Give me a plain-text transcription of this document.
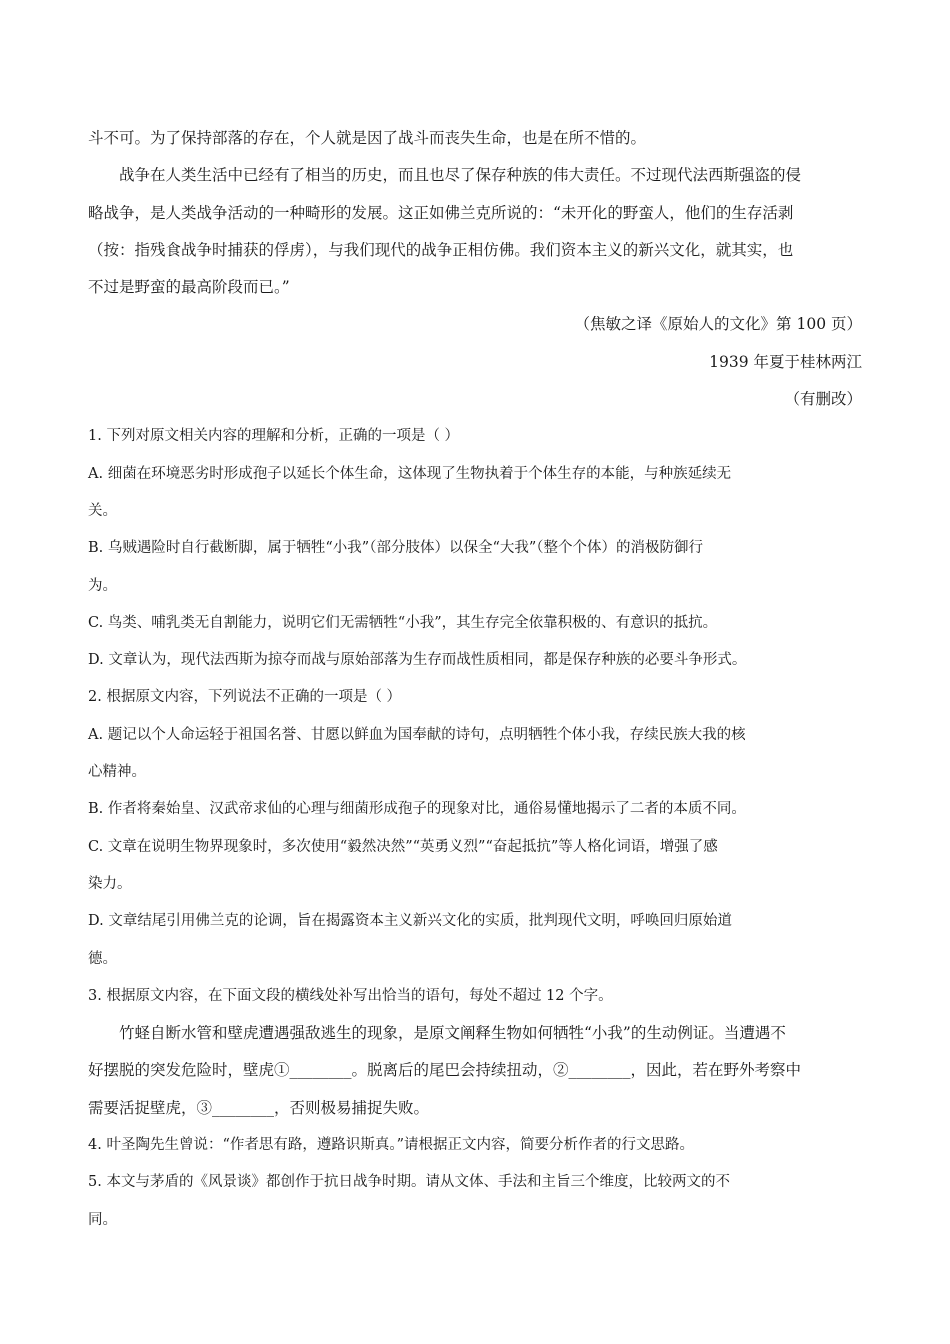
斗不可。为了保持部落的存在，个人就是因了战斗而丧失生命，也是在所不惜的。
战争在人类生活中已经有了相当的历史，而且也尽了保存种族的伟大责任。不过现代法西斯强盗的侵
略战争，是人类战争活动的一种畸形的发展。这正如佛兰克所说的：“未开化的野蛮人，他们的生存活剥
（按：指残食战争时捕获的俘虏），与我们现代的战争正相仿佛。我们资本主义的新兴文化，就其实，也
不过是野蛮的最高阶段而已。”
（焦敏之译《原始人的文化》第 100 页）
1939 年夏于桂林两江
（有删改）
1. 下列对原文相关内容的理解和分析，正确的一项是（ ）
A. 细菌在环境恶劣时形成孢子以延长个体生命，这体现了生物执着于个体生存的本能，与种族延续无
关。
B. 乌贼遇险时自行截断脚，属于牺牲“小我”（部分肢体）以保全“大我”（整个个体）的消极防御行
为。
C. 鸟类、哺乳类无自割能力，说明它们无需牺牲“小我”，其生存完全依靠积极的、有意识的抵抗。
D. 文章认为，现代法西斯为掠夺而战与原始部落为生存而战性质相同，都是保存种族的必要斗争形式。
2. 根据原文内容，下列说法不正确的一项是（ ）
A. 题记以个人命运轻于祖国名誉、甘愿以鲜血为国奉献的诗句，点明牺牲个体小我，存续民族大我的核
心精神。
B. 作者将秦始皇、汉武帝求仙的心理与细菌形成孢子的现象对比，通俗易懂地揭示了二者的本质不同。
C. 文章在说明生物界现象时，多次使用“毅然决然”“英勇义烈”“奋起抵抗”等人格化词语，增强了感
染力。
D. 文章结尾引用佛兰克的论调，旨在揭露资本主义新兴文化的实质，批判现代文明，呼唤回归原始道
德。
3. 根据原文内容，在下面文段的横线处补写出恰当的语句，每处不超过 12 个字。
竹蛏自断水管和壁虎遭遇强敌逃生的现象，是原文阐释生物如何牺牲“小我”的生动例证。当遭遇不
好摆脱的突发危险时，壁虎①________。脱离后的尾巴会持续扭动，②________，因此，若在野外考察中
需要活捉壁虎，③________，否则极易捕捉失败。
4. 叶圣陶先生曾说：“作者思有路，遵路识斯真。”请根据正文内容，简要分析作者的行文思路。
5. 本文与茅盾的《风景谈》都创作于抗日战争时期。请从文体、手法和主旨三个维度，比较两文的不
同。
